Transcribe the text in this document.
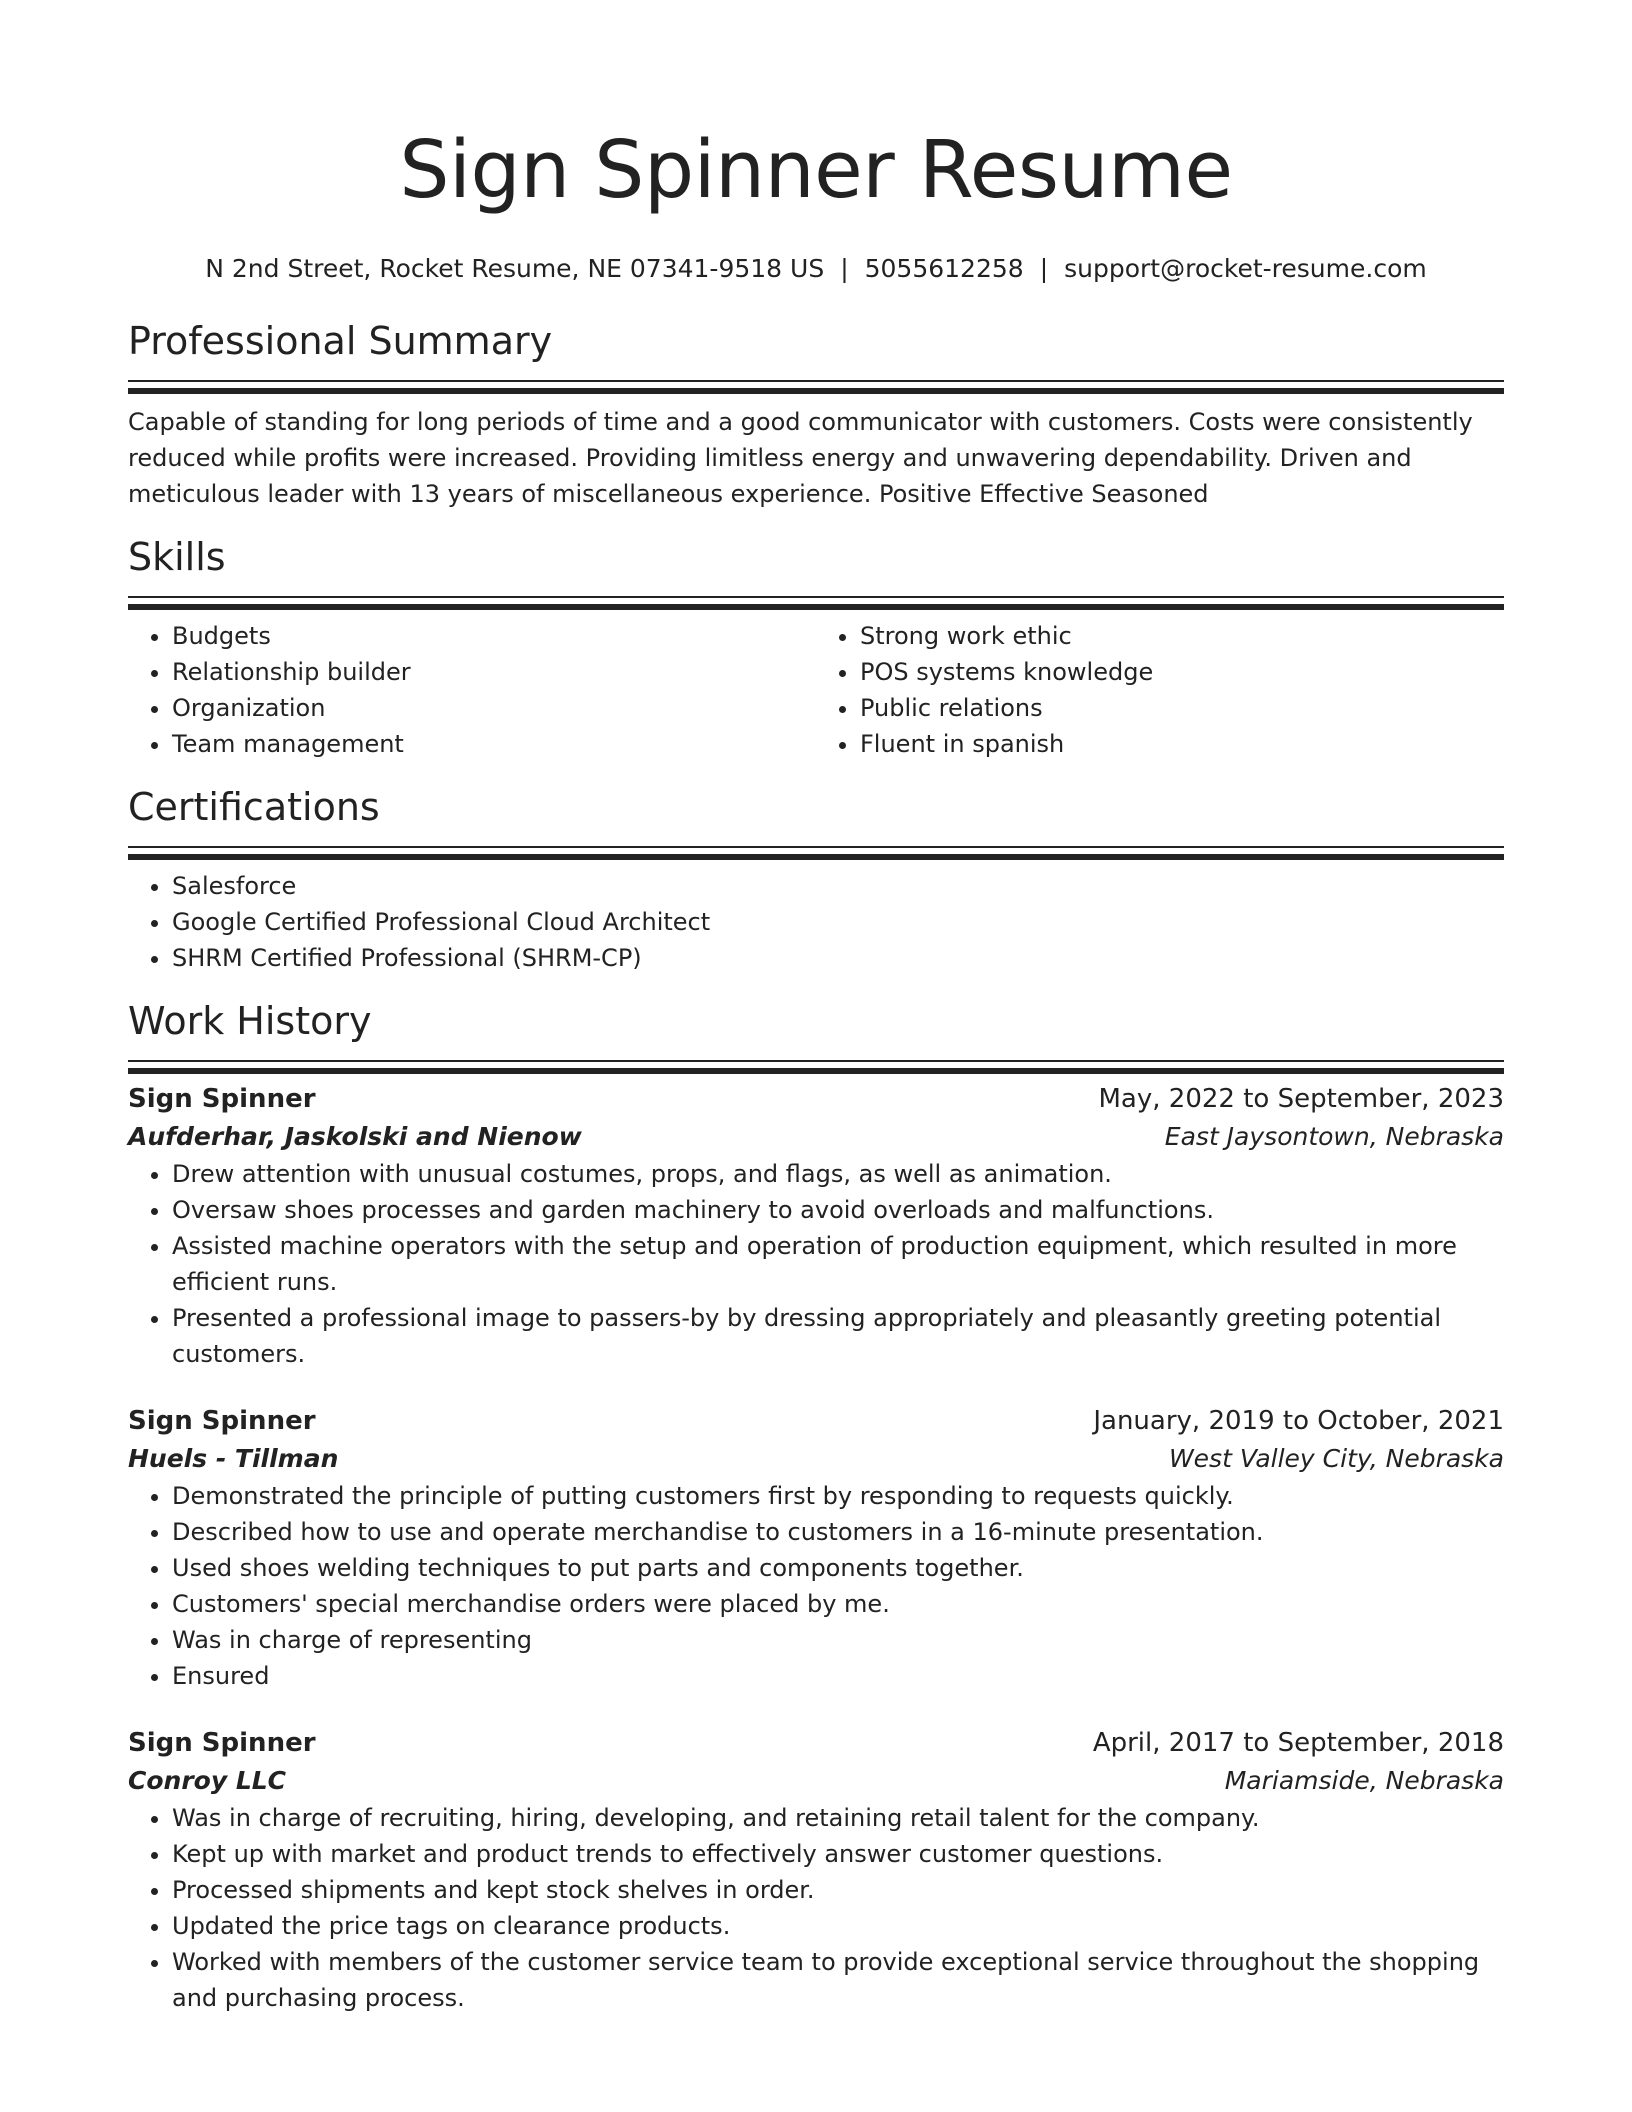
Sign Spinner Resume
N 2nd Street, Rocket Resume, NE 07341-9518 US | 5055612258 | support@rocket-resume.com
Professional Summary
Capable of standing for long periods of time and a good communicator with customers. Costs were consistently reduced while profits were increased. Providing limitless energy and unwavering dependability. Driven and meticulous leader with 13 years of miscellaneous experience. Positive Effective Seasoned
Skills
• Budgets
• Relationship builder
• Organization
• Team management
• Strong work ethic
• POS systems knowledge
• Public relations
• Fluent in spanish
Certifications
• Salesforce
• Google Certified Professional Cloud Architect
• SHRM Certified Professional (SHRM-CP)
Work History
Sign Spinner	May, 2022 to September, 2023
Aufderhar, Jaskolski and Nienow	East Jaysontown, Nebraska
• Drew attention with unusual costumes, props, and flags, as well as animation.
• Oversaw shoes processes and garden machinery to avoid overloads and malfunctions.
• Assisted machine operators with the setup and operation of production equipment, which resulted in more efficient runs.
• Presented a professional image to passers-by by dressing appropriately and pleasantly greeting potential customers.
Sign Spinner	January, 2019 to October, 2021
Huels - Tillman	West Valley City, Nebraska
• Demonstrated the principle of putting customers first by responding to requests quickly.
• Described how to use and operate merchandise to customers in a 16-minute presentation.
• Used shoes welding techniques to put parts and components together.
• Customers' special merchandise orders were placed by me.
• Was in charge of representing
• Ensured
Sign Spinner	April, 2017 to September, 2018
Conroy LLC	Mariamside, Nebraska
• Was in charge of recruiting, hiring, developing, and retaining retail talent for the company.
• Kept up with market and product trends to effectively answer customer questions.
• Processed shipments and kept stock shelves in order.
• Updated the price tags on clearance products.
• Worked with members of the customer service team to provide exceptional service throughout the shopping and purchasing process.
